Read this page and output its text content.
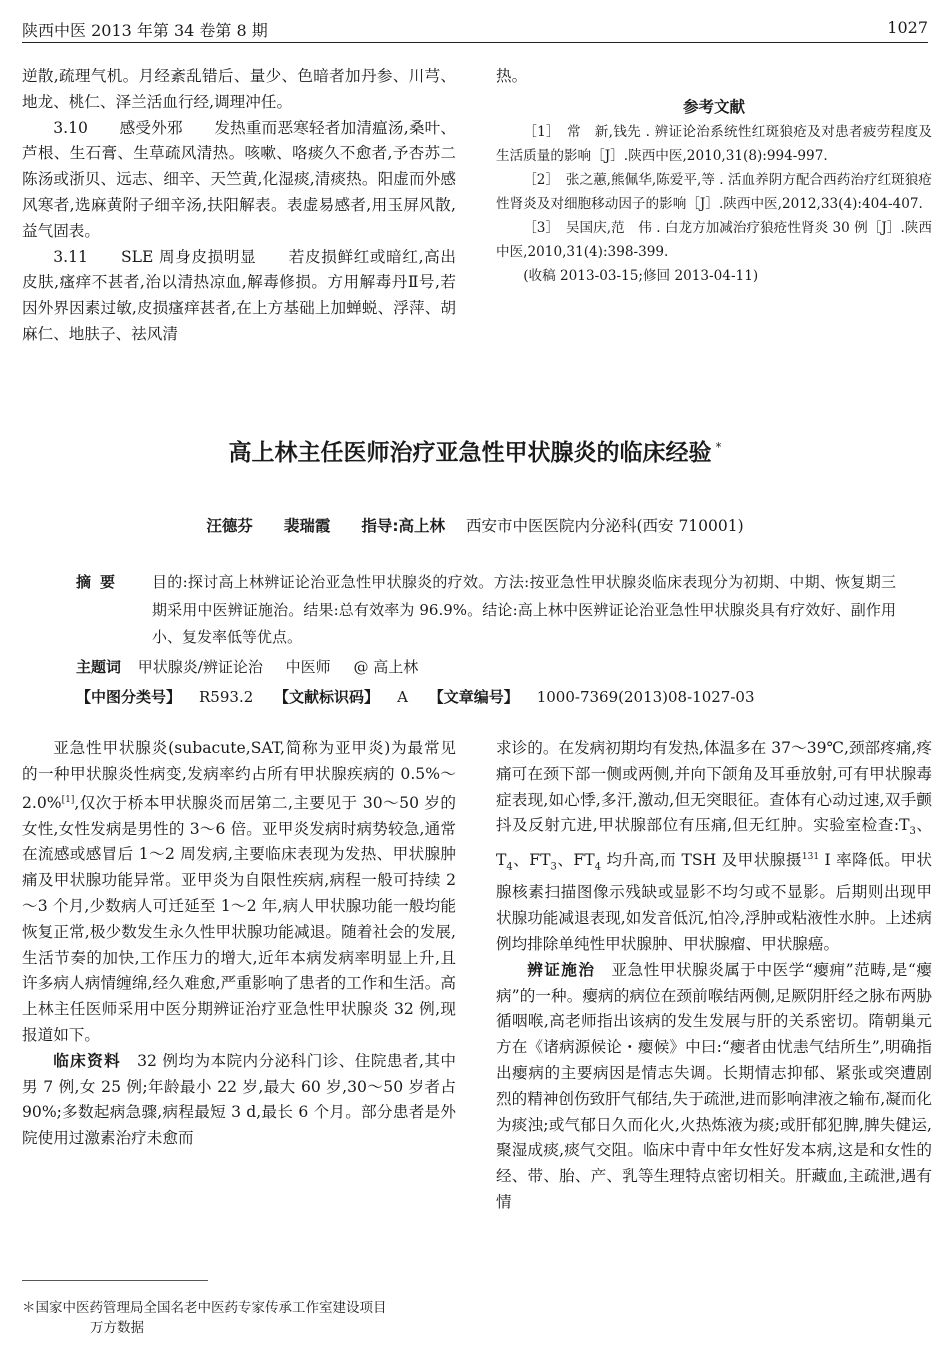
陕西中医 2013 年第 34 卷第 8 期	1027

逆散,疏理气机。月经紊乱错后、量少、色暗者加丹参、川芎、地龙、桃仁、泽兰活血行经,调理冲任。

3.10　　感受外邪　　发热重而恶寒轻者加清瘟汤,桑叶、芦根、生石膏、生草疏风清热。咳嗽、咯痰久不愈者,予杏苏二陈汤或浙贝、远志、细辛、天竺黄,化湿痰,清痰热。阳虚而外感风寒者,选麻黄附子细辛汤,扶阳解表。表虚易感者,用玉屏风散,益气固表。

3.11　　SLE 周身皮损明显　　若皮损鲜红或暗红,高出皮肤,瘙痒不甚者,治以清热凉血,解毒修损。方用解毒丹Ⅱ号,若因外界因素过敏,皮损瘙痒甚者,在上方基础上加蝉蜕、浮萍、胡麻仁、地肤子、祛风清

热。

参考文献

［1］　常　新,钱先 . 辨证论治系统性红斑狼疮及对患者疲劳程度及生活质量的影响［J］.陕西中医,2010,31(8):994-997.

［2］　张之蕙,熊佩华,陈爱平,等 . 活血养阴方配合西药治疗红斑狼疮性肾炎及对细胞移动因子的影响［J］.陕西中医,2012,33(4):404-407.

［3］　吴国庆,范　伟 . 白龙方加减治疗狼疮性肾炎 30 例［J］.陕西中医,2010,31(4):398-399.

(收稿 2013-03-15;修回 2013-04-11)

高上林主任医师治疗亚急性甲状腺炎的临床经验 *
汪德芬　　裴瑞霞　　指导:高上林 西安市中医医院内分泌科(西安 710001)
摘要 目的:探讨高上林辨证论治亚急性甲状腺炎的疗效。方法:按亚急性甲状腺炎临床表现分为初期、中期、恢复期三期采用中医辨证施治。结果:总有效率为 96.9%。结论:高上林中医辨证论治亚急性甲状腺炎具有疗效好、副作用小、复发率低等优点。
主题词 甲状腺炎/辨证论治 中医师 @ 高上林
【中图分类号】 R593.2 【文献标识码】 A 【文章编号】 1000-7369(2013)08-1027-03

亚急性甲状腺炎(subacute,SAT,简称为亚甲炎)为最常见的一种甲状腺炎性病变,发病率约占所有甲状腺疾病的 0.5%～2.0%[1],仅次于桥本甲状腺炎而居第二,主要见于 30～50 岁的女性,女性发病是男性的 3～6 倍。亚甲炎发病时病势较急,通常在流感或感冒后 1～2 周发病,主要临床表现为发热、甲状腺肿痛及甲状腺功能异常。亚甲炎为自限性疾病,病程一般可持续 2～3 个月,少数病人可迁延至 1～2 年,病人甲状腺功能一般均能恢复正常,极少数发生永久性甲状腺功能减退。随着社会的发展,生活节奏的加快,工作压力的增大,近年本病发病率明显上升,且许多病人病情缠绵,经久难愈,严重影响了患者的工作和生活。高上林主任医师采用中医分期辨证治疗亚急性甲状腺炎 32 例,现报道如下。

临床资料　 32 例均为本院内分泌科门诊、住院患者,其中男 7 例,女 25 例;年龄最小 22 岁,最大 60 岁,30～50 岁者占 90%;多数起病急骤,病程最短 3 d,最长 6 个月。部分患者是外院使用过激素治疗未愈而

求诊的。在发病初期均有发热,体温多在 37～39℃,颈部疼痛,疼痛可在颈下部一侧或两侧,并向下颌角及耳垂放射,可有甲状腺毒症表现,如心悸,多汗,激动,但无突眼征。查体有心动过速,双手颤抖及反射亢进,甲状腺部位有压痛,但无红肿。实验室检查$:T_3$、$T_4$、$FT_3$、$FT_4$ 均升高,而 TSH 及甲状腺摄$^{131}$ I 率降低。甲状腺核素扫描图像示残缺或显影不均匀或不显影。后期则出现甲状腺功能减退表现,如发音低沉,怕冷,浮肿或粘液性水肿。上述病例均排除单纯性甲状腺肿、甲状腺瘤、甲状腺癌。

辨证施治　 亚急性甲状腺炎属于中医学“瘿痈”范畴,是“瘿病”的一种。瘿病的病位在颈前喉结两侧,足厥阴肝经之脉布两胁循咽喉,高老师指出该病的发生发展与肝的关系密切。隋朝巢元方在《诸病源候论・瘿候》中曰:“瘿者由忧恚气结所生”,明确指出瘿病的主要病因是情志失调。长期情志抑郁、紧张或突遭剧烈的精神创伤致肝气郁结,失于疏泄,进而影响津液之输布,凝而化为痰浊;或气郁日久而化火,火热炼液为痰;或肝郁犯脾,脾失健运,聚湿成痰,痰气交阻。临床中青中年女性好发本病,这是和女性的经、带、胎、产、乳等生理特点密切相关。肝藏血,主疏泄,遇有情

＊国家中医药管理局全国名老中医药专家传承工作室建设项目
万方数据
